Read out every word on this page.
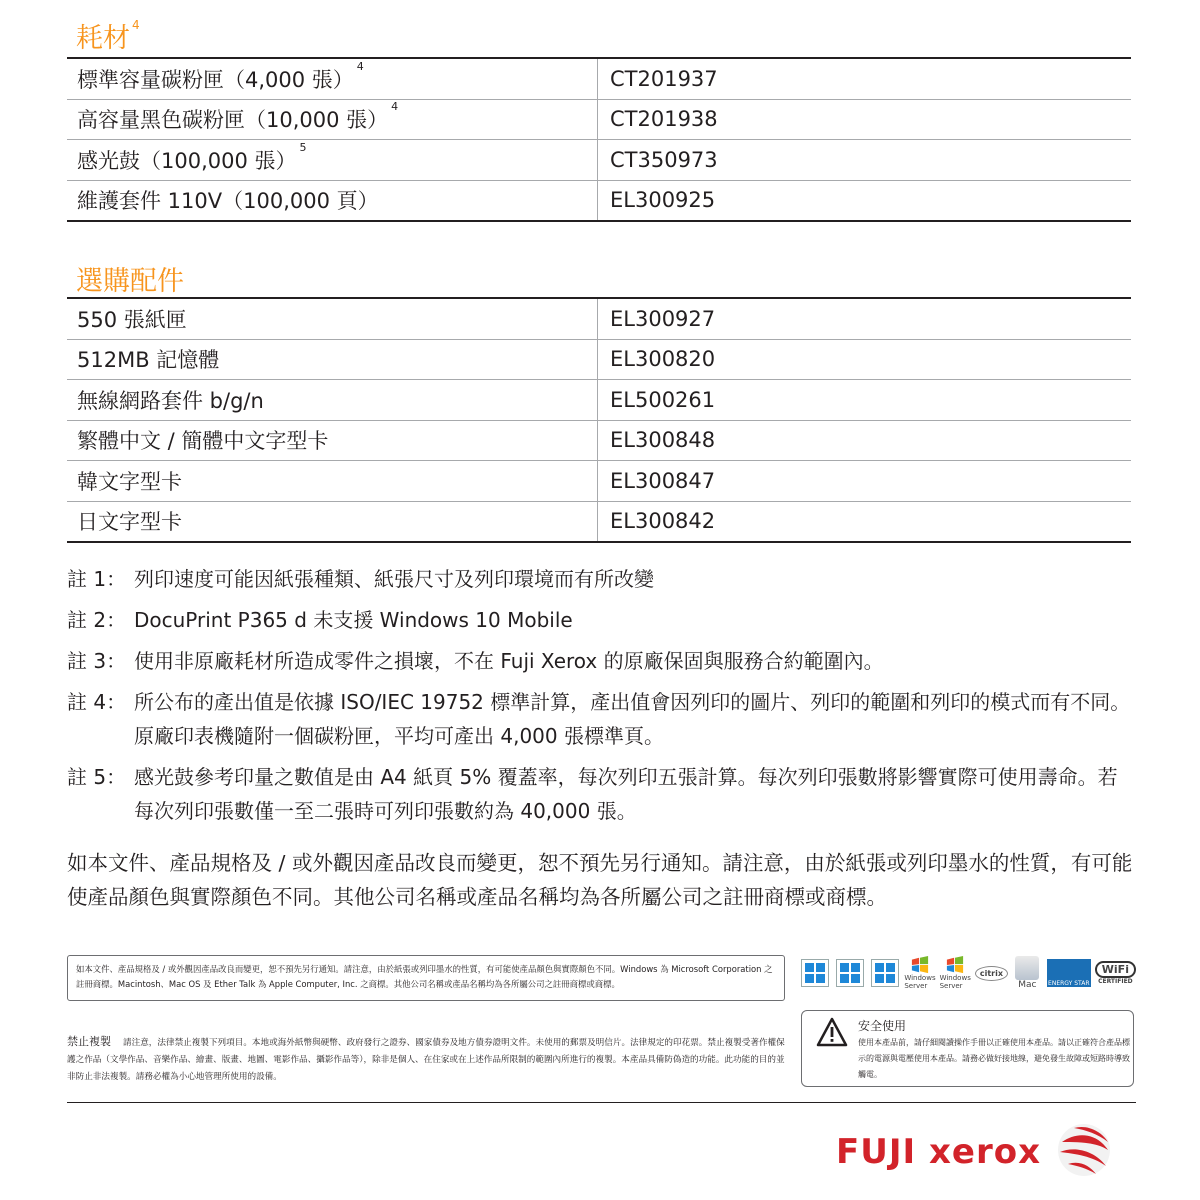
耗材 $^4$
標準容量碳粉匣（4,000 張）$^4$	CT201937
高容量黑色碳粉匣（10,000 張）$^4$	CT201938
感光鼓（100,000 張）$^5$	CT350973
維護套件 110V（100,000 頁）	EL300925
選購配件
550 張紙匣	EL300927
512MB 記憶體	EL300820
無線網路套件 b/g/n	EL500261
繁體中文 / 簡體中文字型卡	EL300848
韓文字型卡	EL300847
日文字型卡	EL300842
註 1： 列印速度可能因紙張種類、紙張尺寸及列印環境而有所改變
註 2： DocuPrint P365 d 未支援 Windows 10 Mobile
註 3： 使用非原廠耗材所造成零件之損壞，不在 Fuji Xerox 的原廠保固與服務合約範圍內。
註 4： 所公布的產出值是依據 ISO/IEC 19752 標準計算，產出值會因列印的圖片、列印的範圍和列印的模式而有不同。原廠印表機隨附一個碳粉匣，平均可產出 4,000 張標準頁。
註 5： 感光鼓參考印量之數值是由 A4 紙頁 5% 覆蓋率，每次列印五張計算。每次列印張數將影響實際可使用壽命。若每次列印張數僅一至二張時可列印張數約為 40,000 張。
如本文件、產品規格及 / 或外觀因產品改良而變更，恕不預先另行通知。請注意，由於紙張或列印墨水的性質，有可能使產品顏色與實際顏色不同。其他公司名稱或產品名稱均為各所屬公司之註冊商標或商標。
如本文件、產品規格及 / 或外觀因產品改良而變更，恕不預先另行通知。請注意，由於紙張或列印墨水的性質，有可能使產品顏色與實際顏色不同。Windows 為 Microsoft Corporation 之註冊商標。Macintosh、Mac OS 及 Ether Talk 為 Apple Computer, Inc. 之商標。其他公司名稱或產品名稱均為各所屬公司之註冊商標或商標。
Windows Server
Windows Server
citrix
Mac ENERGY STAR
WiFi
CERTIFIED
禁止複製 請注意，法律禁止複製下列項目。本地或海外紙幣與硬幣、政府發行之證券、國家債券及地方債券證明文件。未使用的郵票及明信片。法律規定的印花票。禁止複製受著作權保護之作品（文學作品、音樂作品、繪畫、版畫、地圖、電影作品、攝影作品等），除非是個人、在住家或在上述作品所限制的範圍內所進行的複製。本產品具備防偽造的功能。此功能的目的並非防止非法複製。請務必權為小心地管理所使用的設備。
安全使用
使用本產品前，請仔細閱讀操作手冊以正確使用本產品。請以正確符合產品標示的電源與電壓使用本產品。請務必做好接地線，避免發生故障或短路時導致觸電。
FUJI xerox
